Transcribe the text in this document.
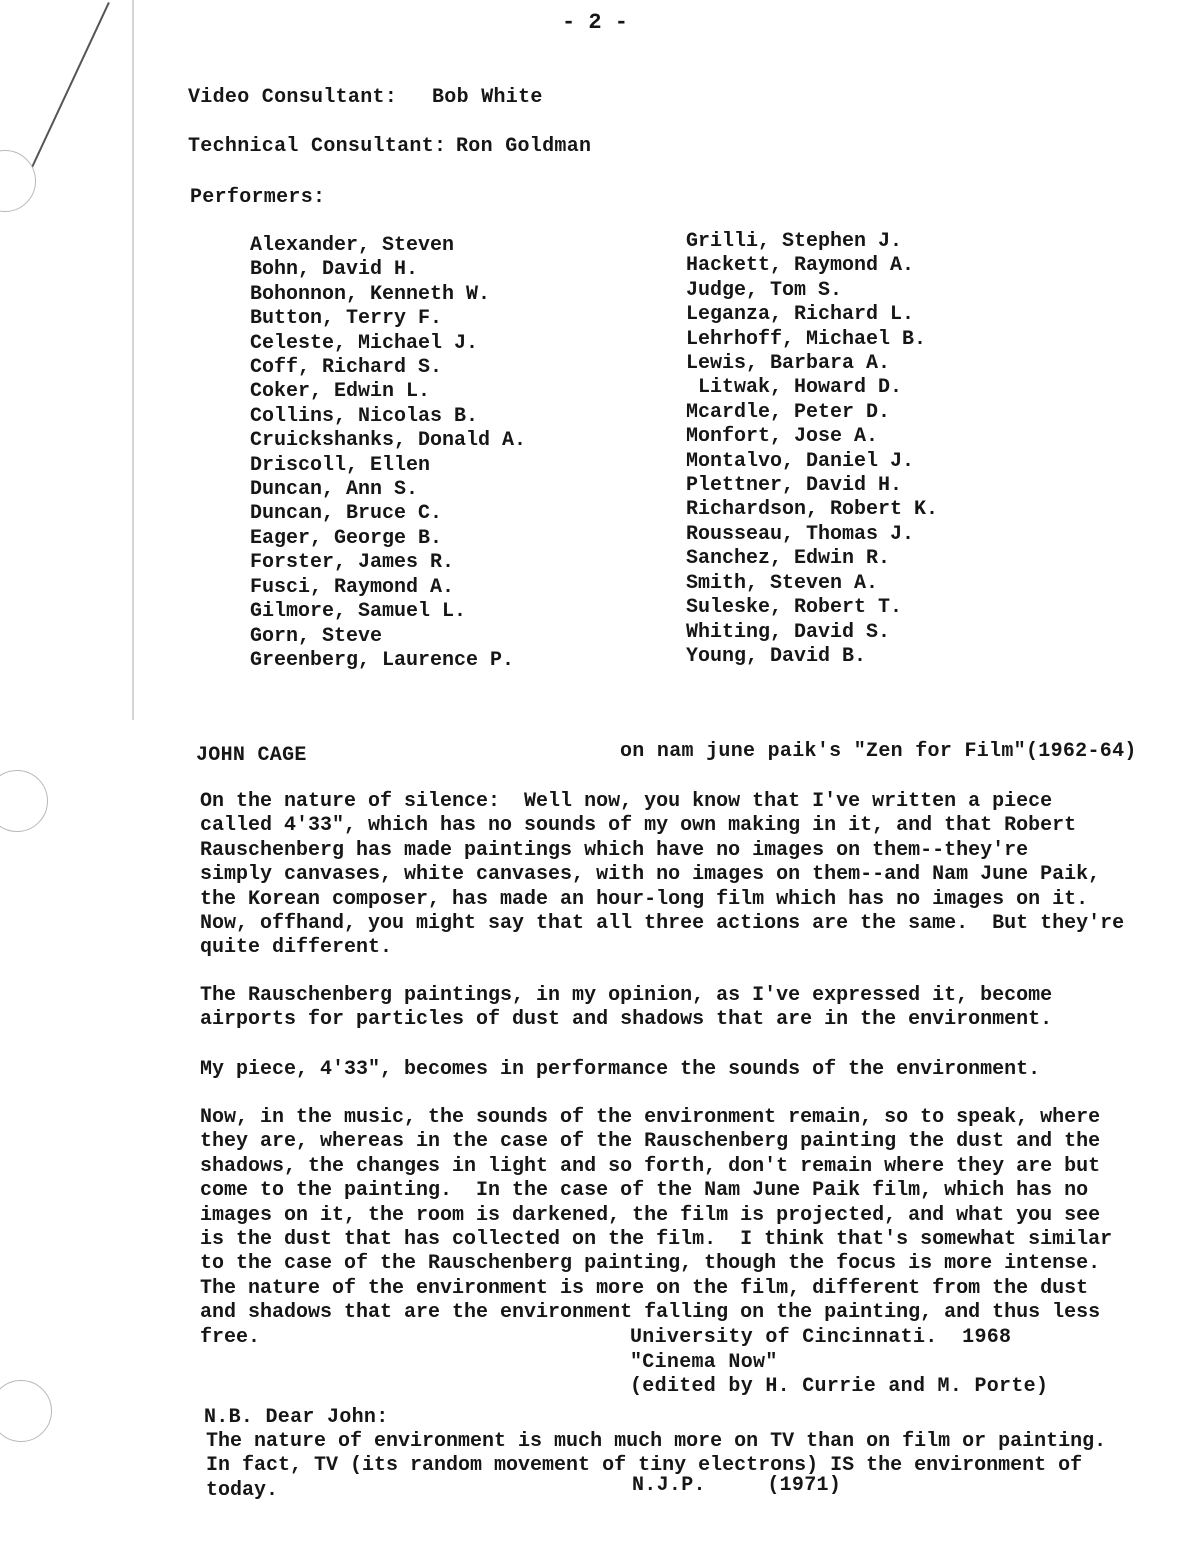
- 2 -
Video Consultant: Bob White
Technical Consultant: Ron Goldman
Performers:
Alexander, Steven
Bohn, David H.
Bohonnon, Kenneth W.
Button, Terry F.
Celeste, Michael J.
Coff, Richard S.
Coker, Edwin L.
Collins, Nicolas B.
Cruickshanks, Donald A.
Driscoll, Ellen
Duncan, Ann S.
Duncan, Bruce C.
Eager, George B.
Forster, James R.
Fusci, Raymond A.
Gilmore, Samuel L.
Gorn, Steve
Greenberg, Laurence P.
Grilli, Stephen J.
Hackett, Raymond A.
Judge, Tom S.
Leganza, Richard L.
Lehrhoff, Michael B.
Lewis, Barbara A.
Litwak, Howard D.
Mcardle, Peter D.
Monfort, Jose A.
Montalvo, Daniel J.
Plettner, David H.
Richardson, Robert K.
Rousseau, Thomas J.
Sanchez, Edwin R.
Smith, Steven A.
Suleske, Robert T.
Whiting, David S.
Young, David B.
JOHN CAGE	on nam june paik's "Zen for Film"(1962-64)
On the nature of silence:  Well now, you know that I've written a piece
called 4'33", which has no sounds of my own making in it, and that Robert
Rauschenberg has made paintings which have no images on them--they're
simply canvases, white canvases, with no images on them--and Nam June Paik,
the Korean composer, has made an hour-long film which has no images on it.
Now, offhand, you might say that all three actions are the same.  But they're
quite different.
The Rauschenberg paintings, in my opinion, as I've expressed it, become
airports for particles of dust and shadows that are in the environment.
My piece, 4'33", becomes in performance the sounds of the environment.
Now, in the music, the sounds of the environment remain, so to speak, where
they are, whereas in the case of the Rauschenberg painting the dust and the
shadows, the changes in light and so forth, don't remain where they are but
come to the painting.  In the case of the Nam June Paik film, which has no
images on it, the room is darkened, the film is projected, and what you see
is the dust that has collected on the film.  I think that's somewhat similar
to the case of the Rauschenberg painting, though the focus is more intense.
The nature of the environment is more on the film, different from the dust
and shadows that are the environment falling on the painting, and thus less
free.	University of Cincinnati.  1968
"Cinema Now"
(edited by H. Currie and M. Porte)
N.B. Dear John:
The nature of environment is much much more on TV than on film or painting.
In fact, TV (its random movement of tiny electrons) IS the environment of
today.	N.J.P.     (1971)
